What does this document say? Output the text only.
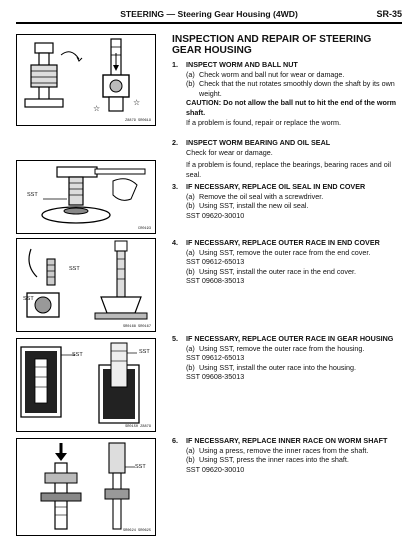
STEERING — Steering Gear Housing (4WD)	SR-35
☆
☆
Z8879 SR0619
SST
CR0193
SST
SST
SR0168 SR0167
SST	SST
SR0150 Z8879
SST
SR0624 SR0625
INSPECTION AND REPAIR OF STEERING GEAR HOUSING
1.	INSPECT WORM AND BALL NUT
(a) Check worm and ball nut for wear or damage.
(b) Check that the nut rotates smoothly down the shaft by its own weight.
CAUTION: Do not allow the ball nut to hit the end of the worm shaft.
If a problem is found, repair or replace the worm.
2.	INSPECT WORM BEARING AND OIL SEAL
Check for wear or damage.
If a problem is found, replace the bearings, bearing races and oil seal.
3.	IF NECESSARY, REPLACE OIL SEAL IN END COVER
(a) Remove the oil seal with a screwdriver.
(b) Using SST, install the new oil seal.
SST 09620-30010
4.	IF NECESSARY, REPLACE OUTER RACE IN END COVER
(a) Using SST, remove the outer race from the end cover.
SST 09612-65013
(b) Using SST, install the outer race in the end cover.
SST 09608-35013
5.	IF NECESSARY, REPLACE OUTER RACE IN GEAR HOUSING
(a) Using SST, remove the outer race from the housing.
SST 09612-65013
(b) Using SST, install the outer race into the housing.
SST 09608-35013
6.	IF NECESSARY, REPLACE INNER RACE ON WORM SHAFT
(a) Using a press, remove the inner races from the shaft.
(b) Using SST, press the inner races into the shaft.
SST 09620-30010
